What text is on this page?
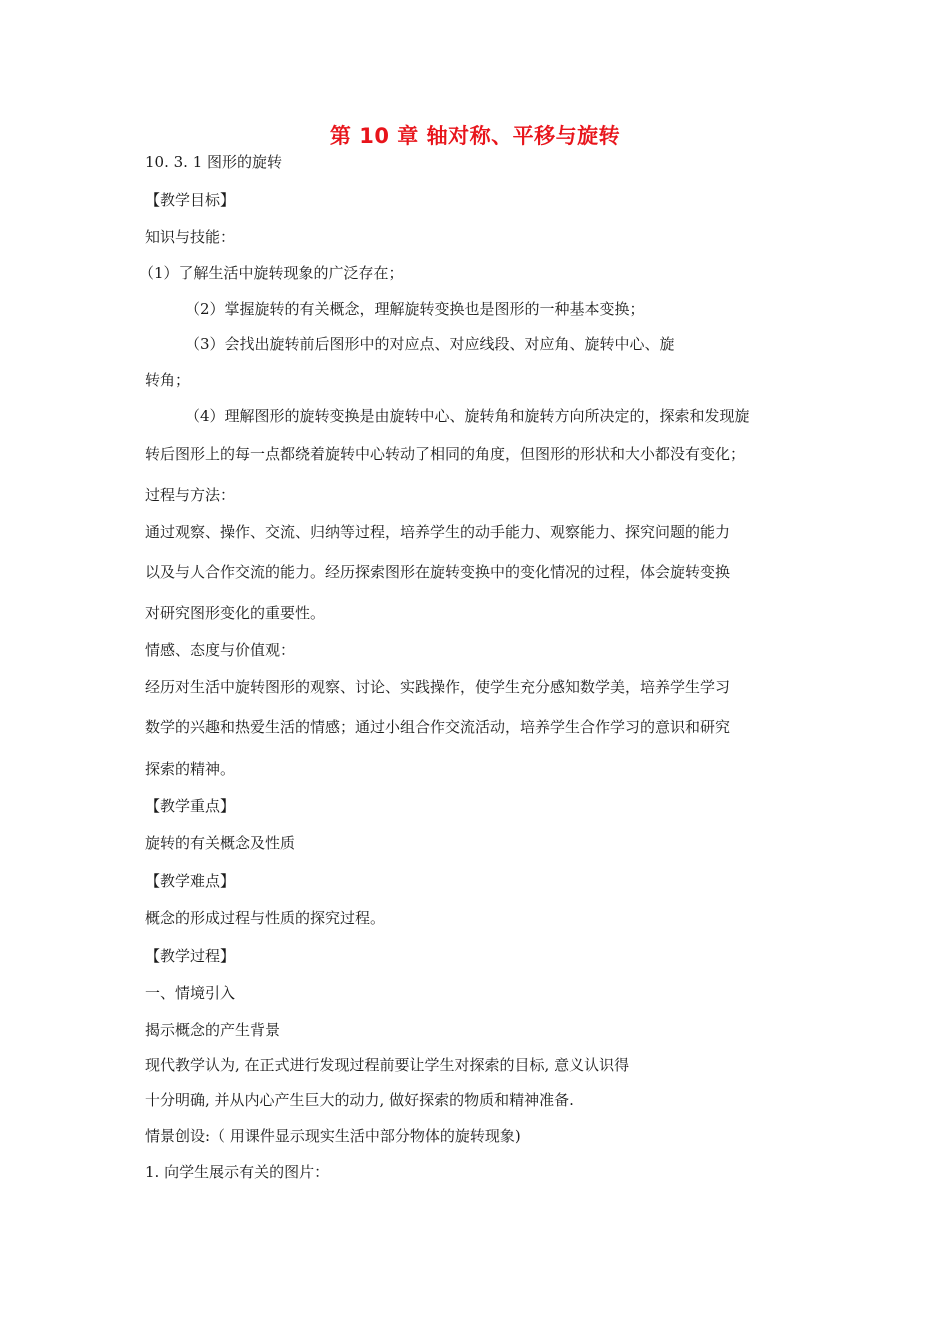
第 10 章 轴对称、平移与旋转
10. 3. 1 图形的旋转
【教学目标】
知识与技能：
（1）了解生活中旋转现象的广泛存在；
（2）掌握旋转的有关概念，理解旋转变换也是图形的一种基本变换；
（3）会找出旋转前后图形中的对应点、对应线段、对应角、旋转中心、旋
转角；
（4）理解图形的旋转变换是由旋转中心、旋转角和旋转方向所决定的，探索和发现旋
转后图形上的每一点都绕着旋转中心转动了相同的角度，但图形的形状和大小都没有变化；
过程与方法：
通过观察、操作、交流、归纳等过程，培养学生的动手能力、观察能力、探究问题的能力
以及与人合作交流的能力。经历探索图形在旋转变换中的变化情况的过程，体会旋转变换
对研究图形变化的重要性。
情感、态度与价值观：
经历对生活中旋转图形的观察、讨论、实践操作，使学生充分感知数学美，培养学生学习
数学的兴趣和热爱生活的情感；通过小组合作交流活动，培养学生合作学习的意识和研究
探索的精神。
【教学重点】
旋转的有关概念及性质
【教学难点】
概念的形成过程与性质的探究过程。
【教学过程】
一、情境引入
揭示概念的产生背景
现代教学认为, 在正式进行发现过程前要让学生对探索的目标, 意义认识得
十分明确, 并从内心产生巨大的动力, 做好探索的物质和精神准备.
情景创设:（ 用课件显示现实生活中部分物体的旋转现象)
1. 向学生展示有关的图片：
